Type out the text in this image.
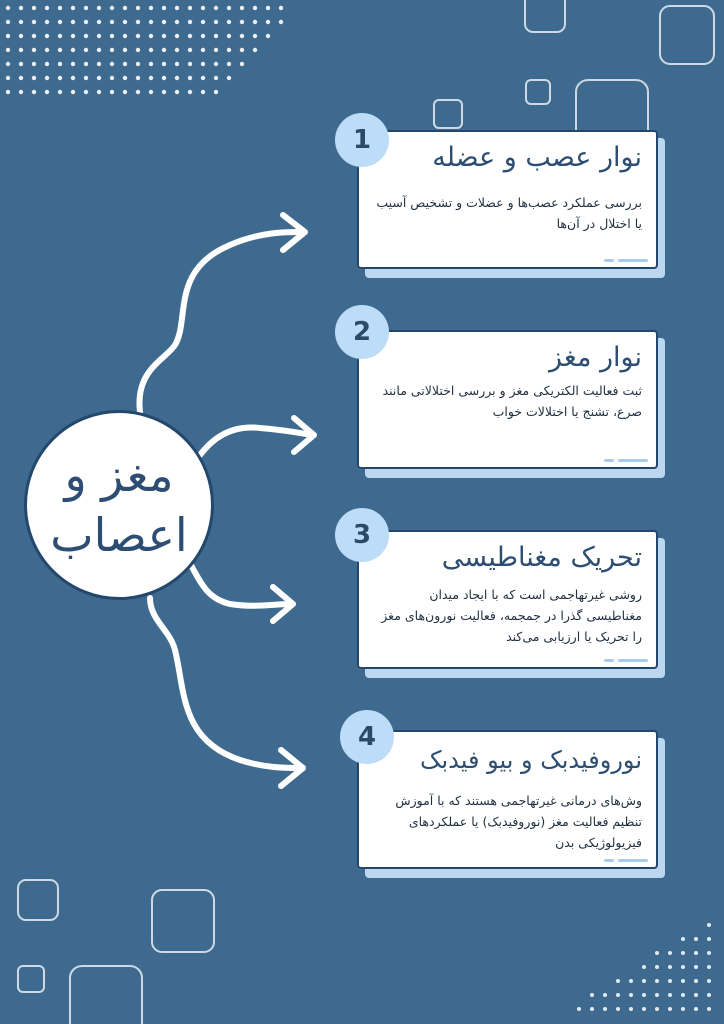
مغز و
اعصاب
نوار عصب و عضله
بررسی عملکرد عصب‌ها و عضلات و تشخیص آسیب یا اختلال در آن‌ها
1
نوار مغز
ثبت فعالیت الکتریکی مغز و بررسی اختلالاتی مانند صرع، تشنج یا اختلالات خواب
2
تحریک مغناطیسی
روشی غیرتهاجمی است که با ایجاد میدان مغناطیسی گذرا در جمجمه، فعالیت نورون‌های مغز را تحریک یا ارزیابی می‌کند
3
نوروفیدبک و بیو فیدبک
وش‌های درمانی غیرتهاجمی هستند که با آموزش تنظیم فعالیت مغز (نوروفیدبک) یا عملکردهای فیزیولوژیکی بدن
4
